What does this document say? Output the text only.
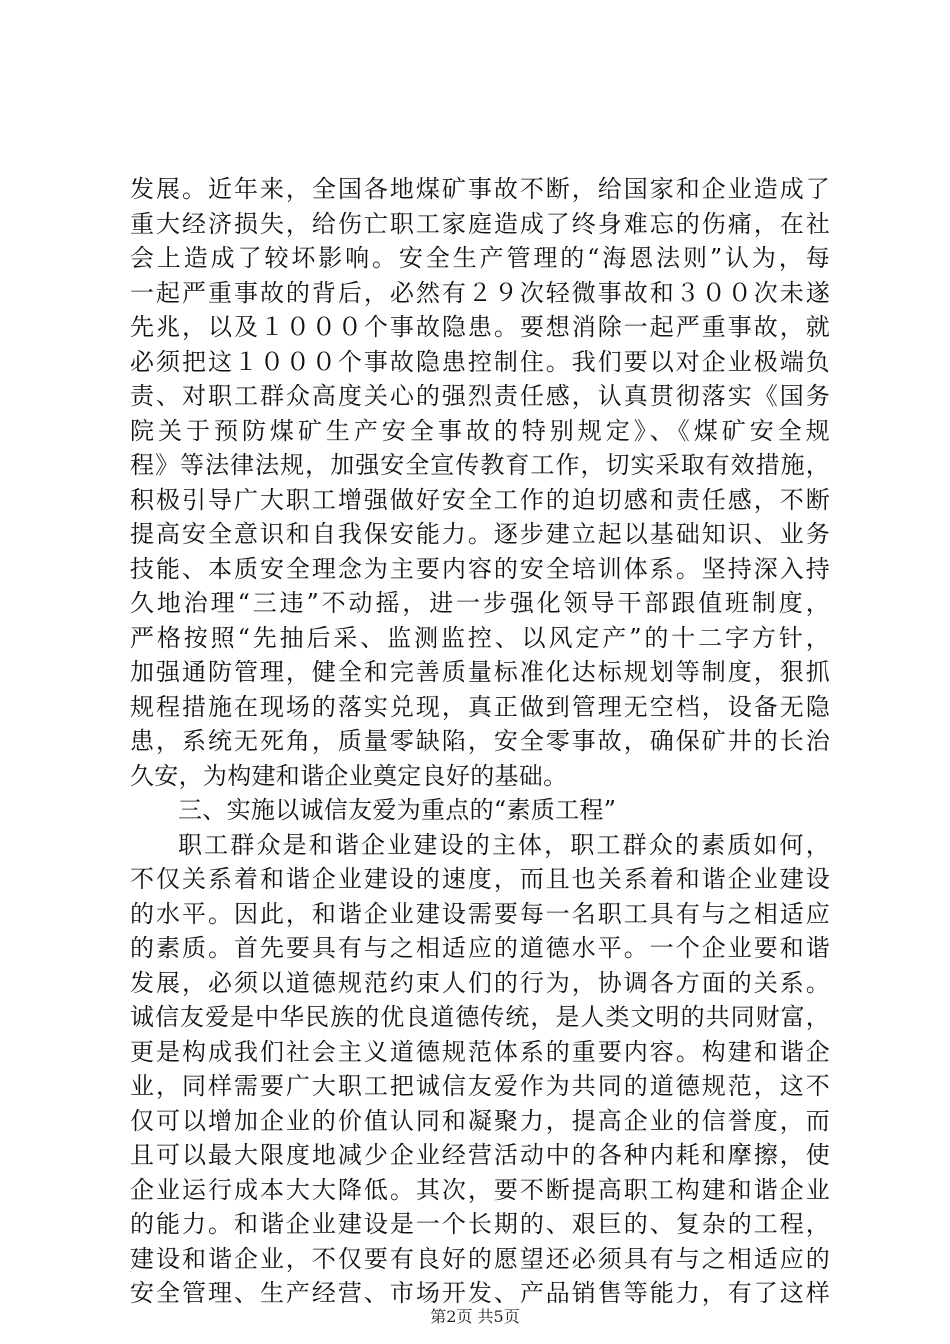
发展。近年来，全国各地煤矿事故不断，给国家和企业造成了
重大经济损失，给伤亡职工家庭造成了终身难忘的伤痛，在社
会上造成了较坏影响。安全生产管理的“海恩法则”认为，每
一起严重事故的背后，必然有２９次轻微事故和３００次未遂
先兆，以及１０００个事故隐患。要想消除一起严重事故，就
必须把这１０００个事故隐患控制住。我们要以对企业极端负
责、对职工群众高度关心的强烈责任感，认真贯彻落实《国务
院关于预防煤矿生产安全事故的特别规定》、《煤矿安全规
程》等法律法规，加强安全宣传教育工作，切实采取有效措施，
积极引导广大职工增强做好安全工作的迫切感和责任感，不断
提高安全意识和自我保安能力。逐步建立起以基础知识、业务
技能、本质安全理念为主要内容的安全培训体系。坚持深入持
久地治理“三违”不动摇，进一步强化领导干部跟值班制度，
严格按照“先抽后采、监测监控、以风定产”的十二字方针，
加强通防管理，健全和完善质量标准化达标规划等制度，狠抓
规程措施在现场的落实兑现，真正做到管理无空档，设备无隐
患，系统无死角，质量零缺陷，安全零事故，确保矿井的长治
久安，为构建和谐企业奠定良好的基础。
三、实施以诚信友爱为重点的“素质工程”
职工群众是和谐企业建设的主体，职工群众的素质如何，
不仅关系着和谐企业建设的速度，而且也关系着和谐企业建设
的水平。因此，和谐企业建设需要每一名职工具有与之相适应
的素质。首先要具有与之相适应的道德水平。一个企业要和谐
发展，必须以道德规范约束人们的行为，协调各方面的关系。
诚信友爱是中华民族的优良道德传统，是人类文明的共同财富，
更是构成我们社会主义道德规范体系的重要内容。构建和谐企
业，同样需要广大职工把诚信友爱作为共同的道德规范，这不
仅可以增加企业的价值认同和凝聚力，提高企业的信誉度，而
且可以最大限度地减少企业经营活动中的各种内耗和摩擦，使
企业运行成本大大降低。其次，要不断提高职工构建和谐企业
的能力。和谐企业建设是一个长期的、艰巨的、复杂的工程，
建设和谐企业，不仅要有良好的愿望还必须具有与之相适应的
安全管理、生产经营、市场开发、产品销售等能力，有了这样
第2页 共5页
